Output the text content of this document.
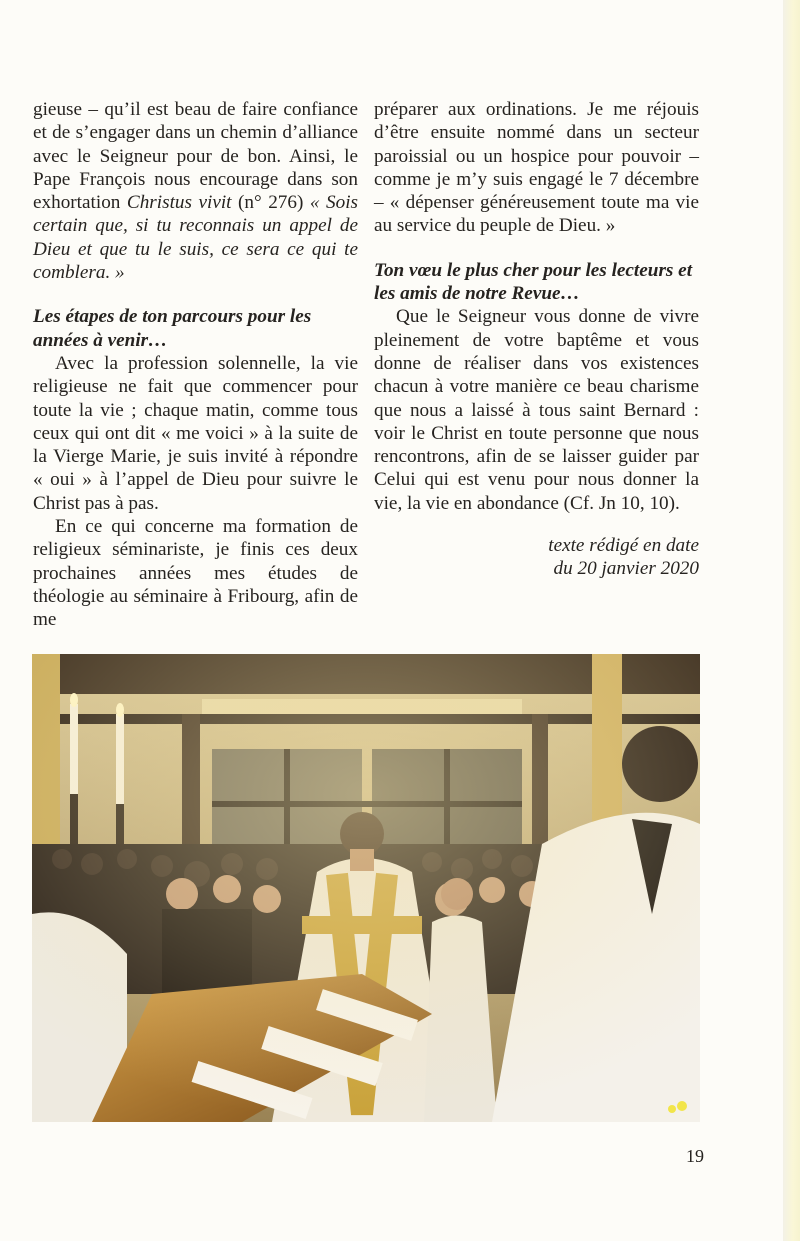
gieuse – qu’il est beau de faire confiance et de s’engager dans un chemin d’alliance avec le Seigneur pour de bon. Ainsi, le Pape François nous encourage dans son exhortation Christus vivit (n° 276) « Sois certain que, si tu reconnais un appel de Dieu et que tu le suis, ce sera ce qui te comblera. »

Les étapes de ton parcours pour les années à venir…

Avec la profession solennelle, la vie religieuse ne fait que commencer pour toute la vie ; chaque matin, comme tous ceux qui ont dit « me voici » à la suite de la Vierge Marie, je suis invité à répondre « oui » à l’appel de Dieu pour suivre le Christ pas à pas.

En ce qui concerne ma formation de religieux séminariste, je finis ces deux prochaines années mes études de théologie au séminaire à Fribourg, afin de me

préparer aux ordinations. Je me réjouis d’être ensuite nommé dans un secteur paroissial ou un hospice pour pouvoir – comme je m’y suis engagé le 7 décembre – « dépenser généreusement toute ma vie au service du peuple de Dieu. »

Ton vœu le plus cher pour les lecteurs et les amis de notre Revue…

Que le Seigneur vous donne de vivre pleinement de votre baptême et vous donne de réaliser dans vos existences chacun à votre manière ce beau charisme que nous a laissé à tous saint Bernard : voir le Christ en toute personne que nous rencontrons, afin de se laisser guider par Celui qui est venu pour nous donner la vie, la vie en abondance (Cf. Jn 10, 10).

texte rédigé en date
du 20 janvier 2020

19
